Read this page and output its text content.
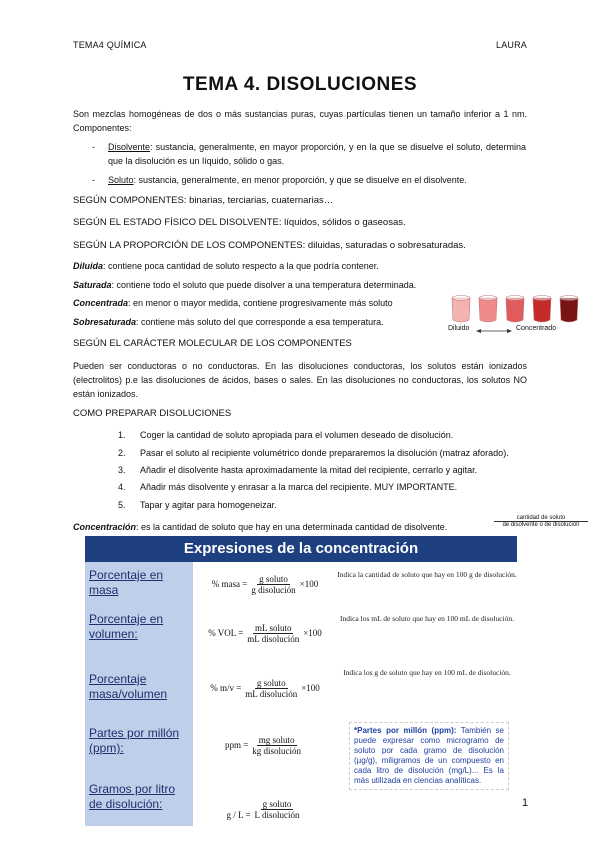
TEMA4 QUÍMICA	LAURA
TEMA 4. DISOLUCIONES
Son mezclas homogéneas de dos o más sustancias puras, cuyas partículas tienen un tamaño inferior a 1 nm. Componentes:
- Disolvente: sustancia, generalmente, en mayor proporción, y en la que se disuelve el soluto, determina que la disolución es un líquido, sólido o gas.
- Soluto: sustancia, generalmente, en menor proporción, y que se disuelve en el disolvente.
SEGÚN COMPONENTES: binarias, terciarias, cuaternarias…
SEGÚN EL ESTADO FÍSICO DEL DISOLVENTE: líquidos, sólidos o gaseosas.
SEGÚN LA PROPORCIÓN DE LOS COMPONENTES: diluidas, saturadas o sobresaturadas.
Diluida: contiene poca cantidad de soluto respecto a la que podría contener.
Saturada: contiene todo el soluto que puede disolver a una temperatura determinada.
Concentrada: en menor o mayor medida, contiene progresivamente más soluto
Sobresaturada: contiene más soluto del que corresponde a esa temperatura.
Diluido	Concentrado
SEGÚN EL CARÁCTER MOLECULAR DE LOS COMPONENTES
Pueden ser conductoras o no conductoras. En las disoluciones conductoras, los solutos están ionizados (electrolitos) p.e las disoluciones de ácidos, bases o sales. En las disoluciones no conductoras, los solutos NO están ionizados.
COMO PREPARAR DISOLUCIONES
1. Coger la cantidad de soluto apropiada para el volumen deseado de disolución.
2. Pasar el soluto al recipiente volumétrico donde prepararemos la disolución (matraz aforado).
3. Añadir el disolvente hasta aproximadamente la mitad del recipiente, cerrarlo y agitar.
4. Añadir más disolvente y enrasar a la marca del recipiente. MUY IMPORTANTE.
5. Tapar y agitar para homogeneizar.
Concentración: es la cantidad de soluto que hay en una determinada cantidad de disolvente.
cantidad de soluto
de disolvente o de disolución
Expresiones de la concentración
Porcentaje en masa	% masa = $\frac{\text{g soluto}}{\text{g disolución}} \times 100$
Indica la cantidad de soluto que hay en 100 g de disolución.
Porcentaje en volumen:	% VOL = $\frac{\text{mL soluto}}{\text{mL disolución}} \times 100$
Indica los mL de soluto que hay en 100 mL de disolución.
Porcentaje masa/volumen	% $m/v = \frac{\text{g soluto}}{\text{mL disolución}} \times 100$
Indica los g de soluto que hay en 100 mL de disolución.
Partes por millón (ppm):	ppm = $\frac{\text{mg soluto}}{\text{kg disolución}}$
Gramos por litro de disolución:
$g / L = \frac{\text{g soluto}}{\text{L disolución}}$
*Partes por millón (ppm): También se puede expresar como microgramo de soluto por cada gramo de disolución (µg/g), miligramos de un compuesto en cada litro de disolución (mg/L)... Es la más utilizada en ciencias analíticas.
1
